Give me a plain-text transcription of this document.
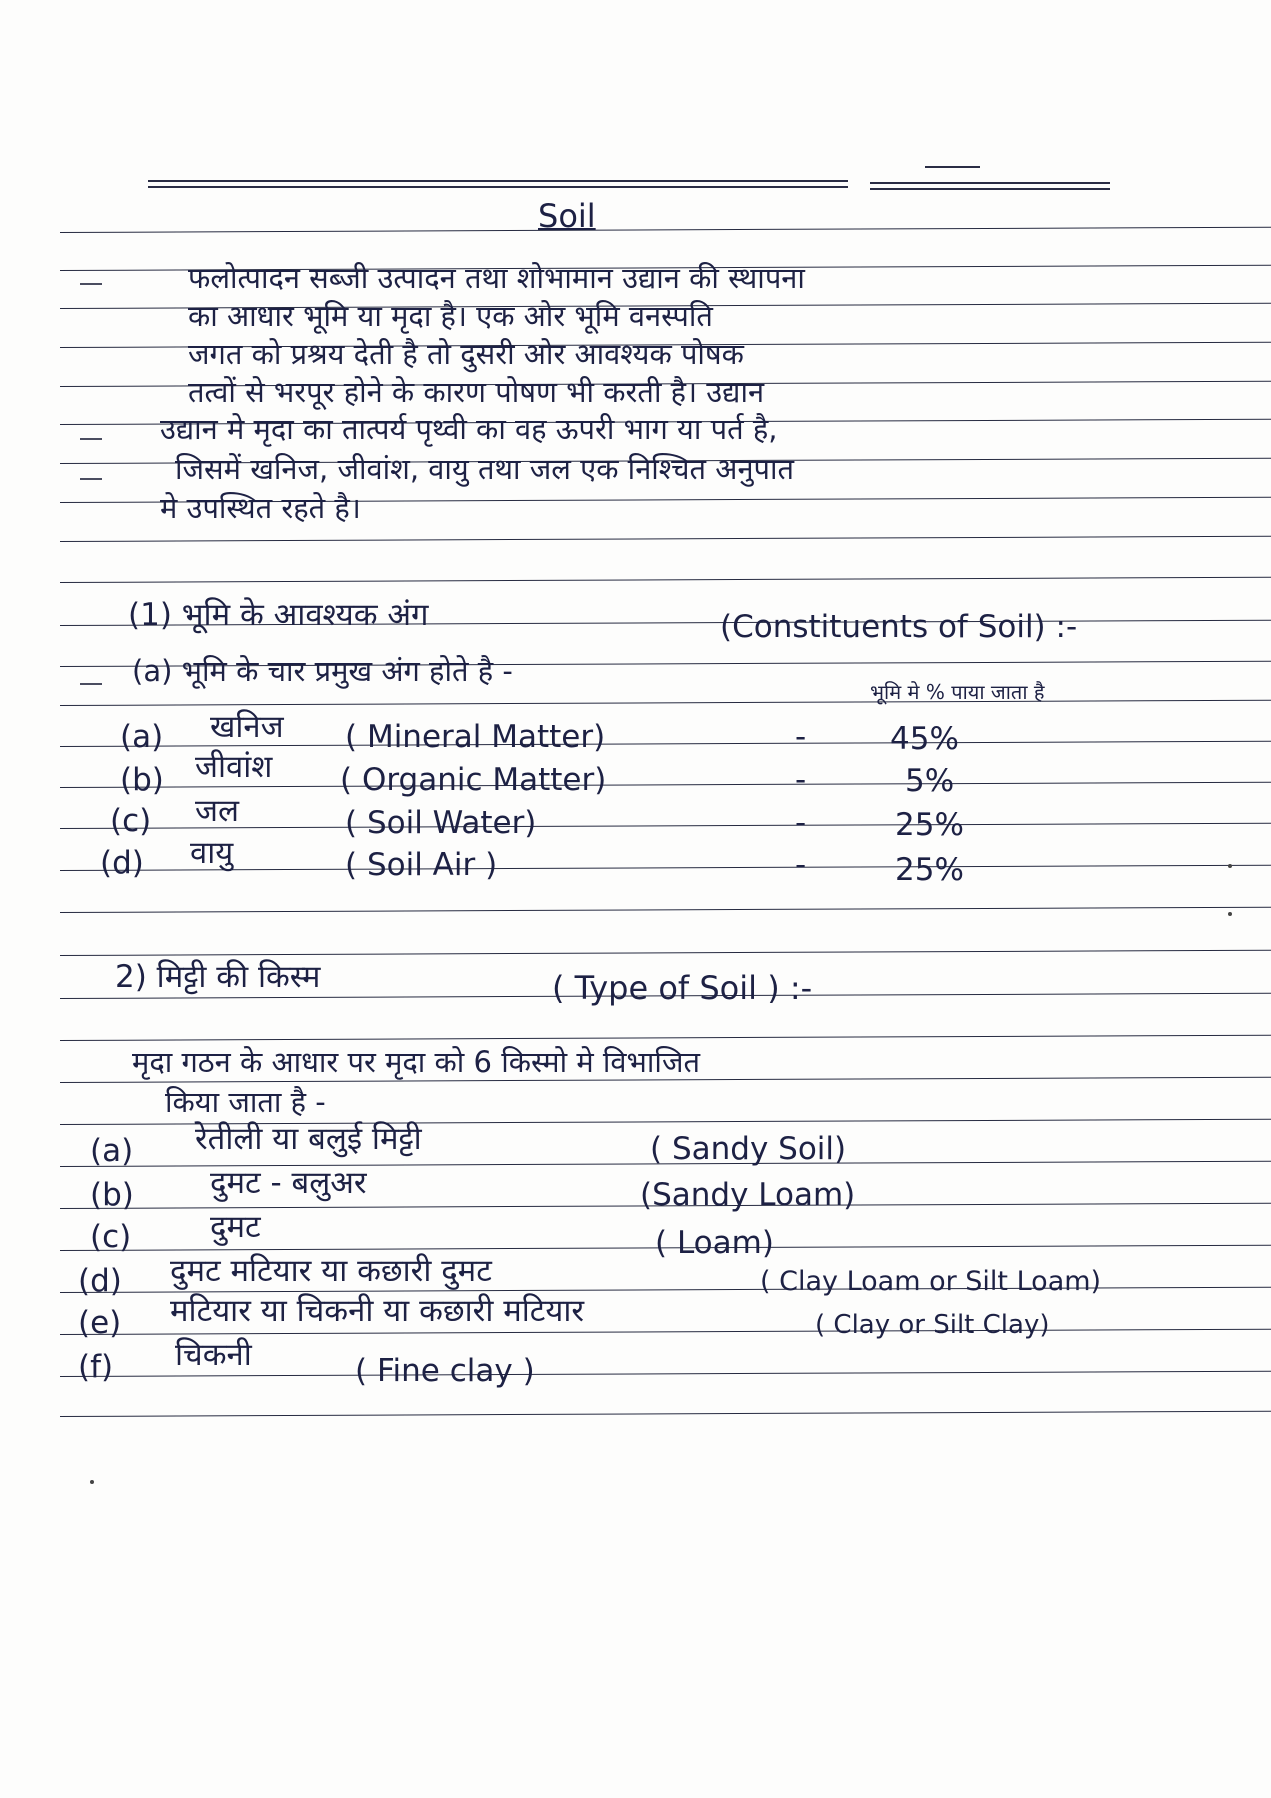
Soil
फलोत्पादन सब्जी उत्पादन तथा शोभामान उद्यान की स्थापना
का आधार भूमि या मृदा है। एक ओर भूमि वनस्पति
जगत को प्रश्रय देती है तो दुसरी ओर आवश्यक पोषक
तत्वों से भरपूर होने के कारण पोषण भी करती है। उद्यान
उद्यान मे मृदा का तात्पर्य पृथ्वी का वह ऊपरी भाग या पर्त है,
जिसमें खनिज, जीवांश, वायु तथा जल एक निश्चित अनुपात
मे उपस्थित रहते है।
(1) भूमि के आवश्यक अंग	(Constituents of Soil) :-
(a) भूमि के चार प्रमुख अंग होते है -
भूमि मे % पाया जाता है
(a) खनिज ( Mineral Matter)	-	45%
(b) जीवांश ( Organic Matter)	-	5%
(c) जल	( Soil Water)	-	25%
(d) वायु	( Soil Air )	-	25%
2) मिट्टी की किस्म	( Type of Soil ) :-
मृदा गठन के आधार पर मृदा को 6 किस्मो मे विभाजित
किया जाता है -
(a) रेतीली या बलुई मिट्टी	( Sandy Soil)
(b) दुमट - बलुअर	(Sandy Loam)
(c)	दुमट	( Loam)
(d) दुमट मटियार या कछारी दुमट	( Clay Loam or Silt Loam)
(e) मटियार या चिकनी या कछारी मटियार	( Clay or Silt Clay)
(f) चिकनी	( Fine clay )
